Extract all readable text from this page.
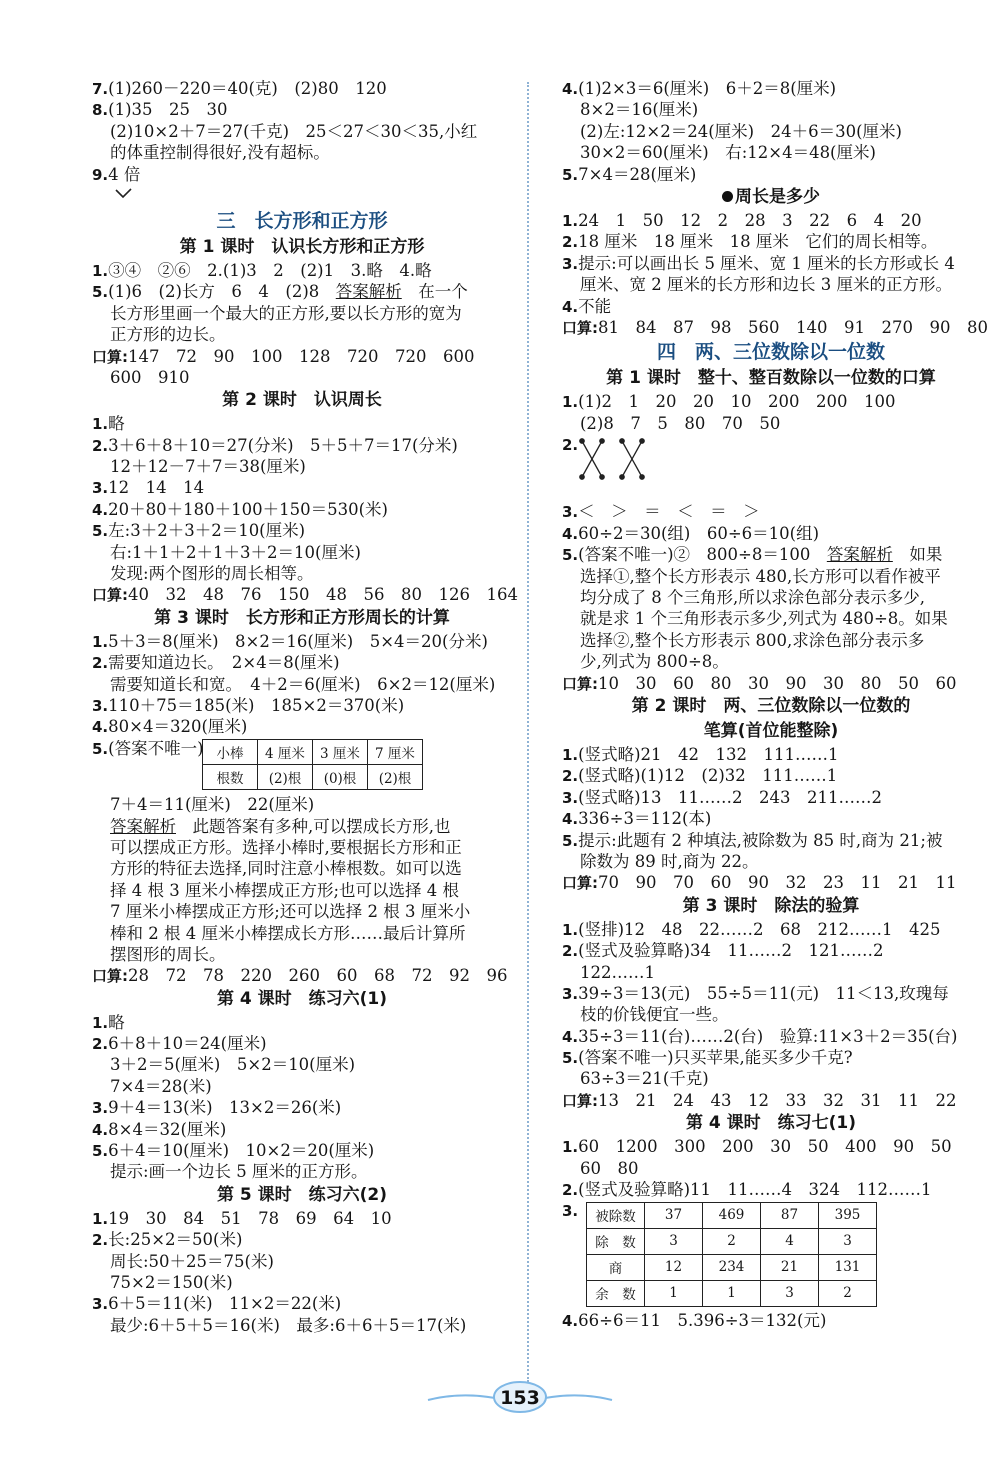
7.(1)260－220＝40(克)　(2)80　120
8.(1)35　25　30
(2)10×2＋7＝27(千克)　25＜27＜30＜35,小红
的体重控制得很好,没有超标。
9.4 倍
三　长方形和正方形
第 1 课时　认识长方形和正方形
1.③④　②⑥　2.(1)3　2　(2)1　3.略　4.略
5.(1)6　(2)长方　6　4　(2)8　答案解析　在一个
长方形里画一个最大的正方形,要以长方形的宽为
正方形的边长。
口算:147　72　90　100　128　720　720　600
600　910
第 2 课时　认识周长
1.略
2.3＋6＋8＋10＝27(分米)　5＋5＋7＝17(分米)
12＋12－7＋7＝38(厘米)
3.12　14　14
4.20＋80＋180＋100＋150＝530(米)
5.左:3＋2＋3＋2＝10(厘米)
右:1＋1＋2＋1＋3＋2＝10(厘米)
发现:两个图形的周长相等。
口算:40　32　48　76　150　48　56　80　126　164
第 3 课时　长方形和正方形周长的计算
1.5＋3＝8(厘米)　8×2＝16(厘米)　5×4＝20(分米)
2.需要知道边长。　2×4＝8(厘米)
需要知道长和宽。　4＋2＝6(厘米)　6×2＝12(厘米)
3.110＋75＝185(米)　185×2＝370(米)
4.80×4＝320(厘米)
5.(答案不唯一) 小棒	4 厘米	3 厘米	7 厘米
根数	(2)根	(0)根	(2)根
7＋4＝11(厘米)　22(厘米)
答案解析　此题答案有多种,可以摆成长方形,也
可以摆成正方形。选择小棒时,要根据长方形和正
方形的特征去选择,同时注意小棒根数。如可以选
择 4 根 3 厘米小棒摆成正方形;也可以选择 4 根
7 厘米小棒摆成正方形;还可以选择 2 根 3 厘米小
棒和 2 根 4 厘米小棒摆成长方形……最后计算所
摆图形的周长。
口算:28　72　78　220　260　60　68　72　92　96
第 4 课时　练习六(1)
1.略
2.6＋8＋10＝24(厘米)
3＋2＝5(厘米)　5×2＝10(厘米)
7×4＝28(米)
3.9＋4＝13(米)　13×2＝26(米)
4.8×4＝32(厘米)
5.6＋4＝10(厘米)　10×2＝20(厘米)
提示:画一个边长 5 厘米的正方形。
第 5 课时　练习六(2)
1.19　30　84　51　78　69　64　10
2.长:25×2＝50(米)
周长:50＋25＝75(米)
75×2＝150(米)
3.6＋5＝11(米)　11×2＝22(米)
最少:6＋5＋5＝16(米)　最多:6＋6＋5＝17(米)
4.(1)2×3＝6(厘米)　6＋2＝8(厘米)
8×2＝16(厘米)
(2)左:12×2＝24(厘米)　24＋6＝30(厘米)
30×2＝60(厘米)　右:12×4＝48(厘米)
5.7×4＝28(厘米)
周长是多少
1.24　1　50　12　2　28　3　22　6　4　20
2.18 厘米　18 厘米　18 厘米　它们的周长相等。
3.提示:可以画出长 5 厘米、宽 1 厘米的长方形或长 4
厘米、宽 2 厘米的长方形和边长 3 厘米的正方形。
4.不能
口算:81　84　87　98　560　140　91　270　90　80
四　两、三位数除以一位数
第 1 课时　整十、整百数除以一位数的口算
1.(1)2　1　20　20　10　200　200　100
(2)8　7　5　80　70　50
2.
3.＜　＞　＝　＜　＝　＞
4.60÷2＝30(组)　60÷6＝10(组)
5.(答案不唯一)②　800÷8＝100　答案解析　如果
选择①,整个长方形表示 480,长方形可以看作被平
均分成了 8 个三角形,所以求涂色部分表示多少,
就是求 1 个三角形表示多少,列式为 480÷8。如果
选择②,整个长方形表示 800,求涂色部分表示多
少,列式为 800÷8。
口算:10　30　60　80　30　90　30　80　50　60
第 2 课时　两、三位数除以一位数的
笔算(首位能整除)
1.(竖式略)21　42　132　111……1
2.(竖式略)(1)12　(2)32　111……1
3.(竖式略)13　11……2　243　211……2
4.336÷3＝112(本)
5.提示:此题有 2 种填法,被除数为 85 时,商为 21;被
除数为 89 时,商为 22。
口算:70　90　70　60　90　32　23　11　21　11
第 3 课时　除法的验算
1.(竖排)12　48　22……2　68　212……1　425
2.(竖式及验算略)34　11……2　121……2
122……1
3.39÷3＝13(元)　55÷5＝11(元)　11＜13,玫瑰每
枝的价钱便宜一些。
4.35÷3＝11(台)……2(台)　验算:11×3＋2＝35(台)
5.(答案不唯一)只买苹果,能买多少千克?
63÷3＝21(千克)
口算:13　21　24　43　12　33　32　31　11　22
第 4 课时　练习七(1)
1.60　1200　300　200　30　50　400　90　50
60　80
2.(竖式及验算略)11　11……4　324　112……1
3.	被除数	37	469	87	395
除　数	3	2	4	3
商	12	234	21	131
余　数	1	1	3	2
4.66÷6＝11　5.396÷3＝132(元)
153
